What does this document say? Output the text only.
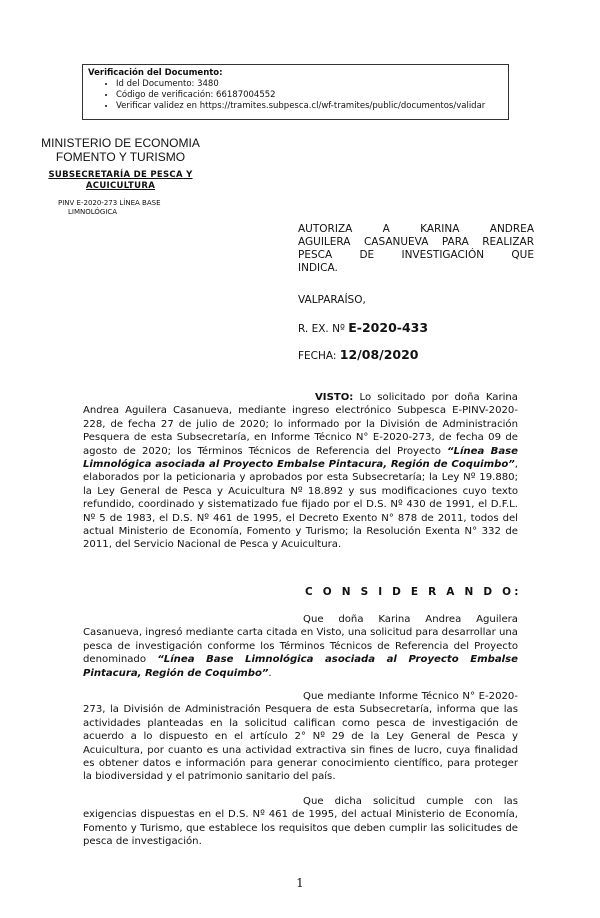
Verificación del Documento:
• Id del Documento: 3480
• Código de verificación: 66187004552
• Verificar validez en https://tramites.subpesca.cl/wf-tramites/public/documentos/validar
MINISTERIO DE ECONOMIA
FOMENTO Y TURISMO
SUBSECRETARÍA DE PESCA Y
ACUICULTURA
PINV E-2020-273 LÍNEA BASE
LIMNOLÓGICA
AUTORIZA A KARINA ANDREA
AGUILERA CASANUEVA PARA REALIZAR
PESCA DE INVESTIGACIÓN QUE
INDICA.
VALPARAÍSO,
R. EX. Nº E-2020-433
FECHA: 12/08/2020
VISTO: Lo solicitado por doña Karina Andrea Aguilera Casanueva, mediante ingreso electrónico Subpesca E-PINV-2020-228, de fecha 27 de julio de 2020; lo informado por la División de Administración Pesquera de esta Subsecretaría, en Informe Técnico N° E-2020-273, de fecha 09 de agosto de 2020; los Términos Técnicos de Referencia del Proyecto “Línea Base Limnológica asociada al Proyecto Embalse Pintacura, Región de Coquimbo”, elaborados por la peticionaria y aprobados por esta Subsecretaría; la Ley Nº 19.880; la Ley General de Pesca y Acuicultura Nº 18.892 y sus modificaciones cuyo texto refundido, coordinado y sistematizado fue fijado por el D.S. Nº 430 de 1991, el D.F.L. Nº 5 de 1983, el D.S. Nº 461 de 1995, el Decreto Exento N° 878 de 2011, todos del actual Ministerio de Economía, Fomento y Turismo; la Resolución Exenta N° 332 de 2011, del Servicio Nacional de Pesca y Acuicultura.
C O N S I D E R A N D O:
Que doña Karina Andrea Aguilera Casanueva, ingresó mediante carta citada en Visto, una solicitud para desarrollar una pesca de investigación conforme los Términos Técnicos de Referencia del Proyecto denominado “Línea Base Limnológica asociada al Proyecto Embalse Pintacura, Región de Coquimbo”.
Que mediante Informe Técnico N° E-2020-273, la División de Administración Pesquera de esta Subsecretaría, informa que las actividades planteadas en la solicitud califican como pesca de investigación de acuerdo a lo dispuesto en el artículo 2° Nº 29 de la Ley General de Pesca y Acuicultura, por cuanto es una actividad extractiva sin fines de lucro, cuya finalidad es obtener datos e información para generar conocimiento científico, para proteger la biodiversidad y el patrimonio sanitario del país.
Que dicha solicitud cumple con las exigencias dispuestas en el D.S. Nº 461 de 1995, del actual Ministerio de Economía, Fomento y Turismo, que establece los requisitos que deben cumplir las solicitudes de pesca de investigación.
1
